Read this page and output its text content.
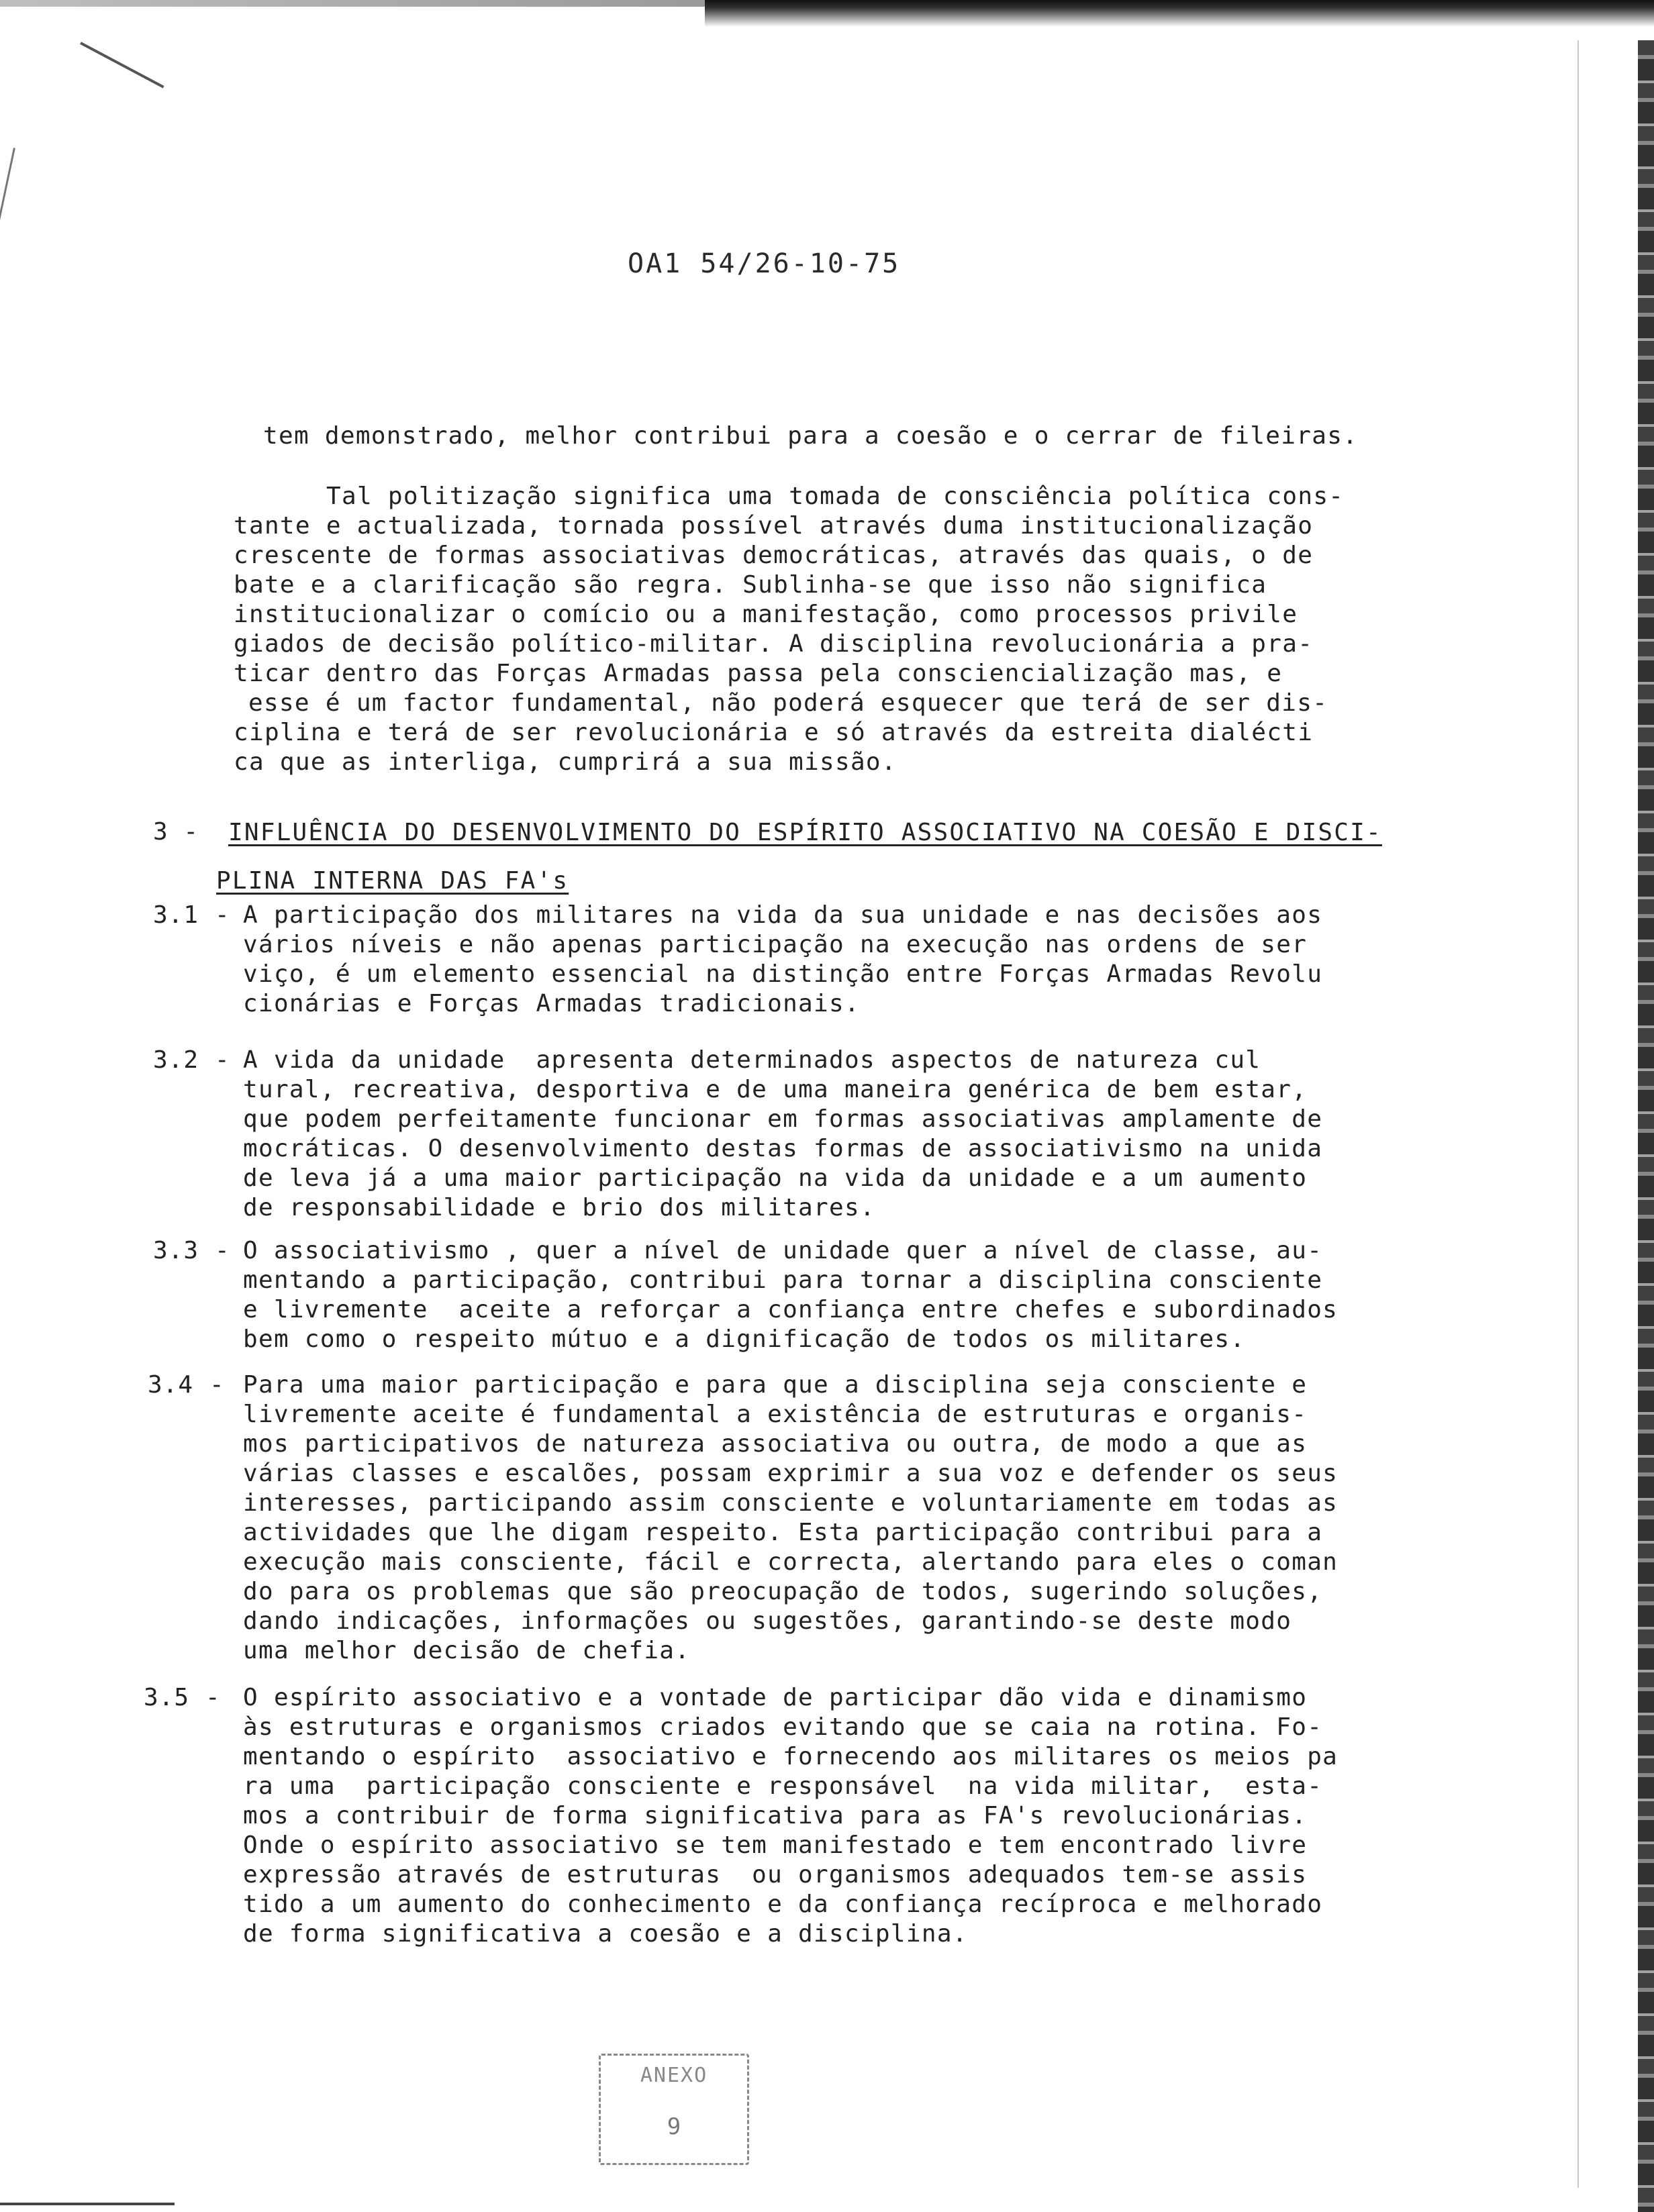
OA1 54/26-10-75
tem demonstrado, melhor contribui para a coesão e o cerrar de fileiras.
Tal politização significa uma tomada de consciência política cons-
tante e actualizada, tornada possível através duma institucionalização
crescente de formas associativas democráticas, através das quais, o de
bate e a clarificação são regra. Sublinha-se que isso não significa
institucionalizar o comício ou a manifestação, como processos privile
giados de decisão político-militar. A disciplina revolucionária a pra-
ticar dentro das Forças Armadas passa pela consciencialização mas, e
esse é um factor fundamental, não poderá esquecer que terá de ser dis-
ciplina e terá de ser revolucionária e só através da estreita dialécti
ca que as interliga, cumprirá a sua missão.
3 - INFLUÊNCIA DO DESENVOLVIMENTO DO ESPÍRITO ASSOCIATIVO NA COESÃO E DISCI-
PLINA INTERNA DAS FA's
3.1 - A participação dos militares na vida da sua unidade e nas decisões aos
vários níveis e não apenas participação na execução nas ordens de ser
viço, é um elemento essencial na distinção entre Forças Armadas Revolu
cionárias e Forças Armadas tradicionais.
3.2 - A vida da unidade  apresenta determinados aspectos de natureza cul
tural, recreativa, desportiva e de uma maneira genérica de bem estar,
que podem perfeitamente funcionar em formas associativas amplamente de
mocráticas. O desenvolvimento destas formas de associativismo na unida
de leva já a uma maior participação na vida da unidade e a um aumento
de responsabilidade e brio dos militares.
3.3 - O associativismo , quer a nível de unidade quer a nível de classe, au-
mentando a participação, contribui para tornar a disciplina consciente
e livremente  aceite a reforçar a confiança entre chefes e subordinados
bem como o respeito mútuo e a dignificação de todos os militares.
3.4 - Para uma maior participação e para que a disciplina seja consciente e
livremente aceite é fundamental a existência de estruturas e organis-
mos participativos de natureza associativa ou outra, de modo a que as
várias classes e escalões, possam exprimir a sua voz e defender os seus
interesses, participando assim consciente e voluntariamente em todas as
actividades que lhe digam respeito. Esta participação contribui para a
execução mais consciente, fácil e correcta, alertando para eles o coman
do para os problemas que são preocupação de todos, sugerindo soluções,
dando indicações, informações ou sugestões, garantindo-se deste modo
uma melhor decisão de chefia.
3.5 - O espírito associativo e a vontade de participar dão vida e dinamismo
às estruturas e organismos criados evitando que se caia na rotina. Fo-
mentando o espírito  associativo e fornecendo aos militares os meios pa
ra uma  participação consciente e responsável  na vida militar,  esta-
mos a contribuir de forma significativa para as FA's revolucionárias.
Onde o espírito associativo se tem manifestado e tem encontrado livre
expressão através de estruturas  ou organismos adequados tem-se assis
tido a um aumento do conhecimento e da confiança recíproca e melhorado
de forma significativa a coesão e a disciplina.
ANEXO
9
